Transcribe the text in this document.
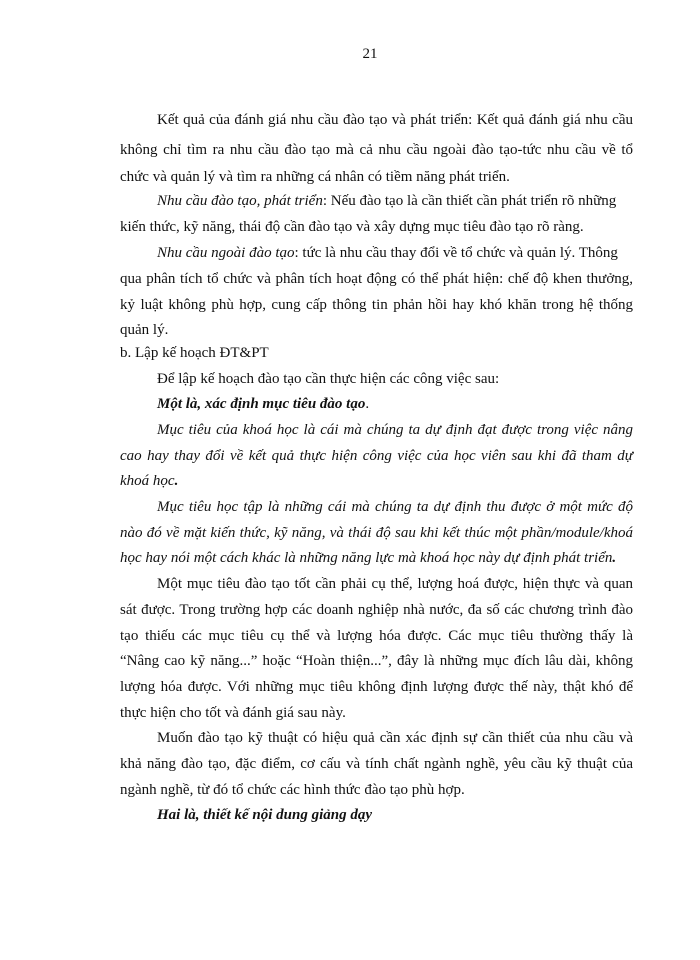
21
Kết quả của đánh giá nhu cầu đào tạo và phát triển: Kết quả đánh giá nhu cầu
không chỉ tìm ra nhu cầu đào tạo mà cả nhu cầu ngoài đào tạo-tức nhu cầu về tổ
chức và quản lý và tìm ra những cá nhân có tiềm năng phát triển.
Nhu cầu đào tạo, phát triển: Nếu đào tạo là cần thiết cần phát triển rõ những
kiến thức, kỹ năng, thái độ cần đào tạo và xây dựng mục tiêu đào tạo rõ ràng.
Nhu cầu ngoài đào tạo: tức là nhu cầu thay đổi về tổ chức và quản lý. Thông
qua phân tích tổ chức và phân tích hoạt động có thể phát hiện: chế độ khen thưởng,
kỷ luật không phù hợp, cung cấp thông tin phản hồi hay khó khăn trong hệ thống
quản lý.
b. Lập kế hoạch ĐT&PT
Để lập kế hoạch đào tạo cần thực hiện các công việc sau:
Một là, xác định mục tiêu đào tạo.
Mục tiêu của khoá học là cái mà chúng ta dự định đạt được trong việc nâng
cao hay thay đổi về kết quả thực hiện công việc của học viên sau khi đã tham dự
khoá học.
Mục tiêu học tập là những cái mà chúng ta dự định thu được ở một mức độ
nào đó về mặt kiến thức, kỹ năng, và thái độ sau khi kết thúc một phần/module/khoá
học hay nói một cách khác là những năng lực mà khoá học này dự định phát triển.
Một mục tiêu đào tạo tốt cần phải cụ thể, lượng hoá được, hiện thực và quan
sát được. Trong trường hợp các doanh nghiệp nhà nước, đa số các chương trình đào
tạo thiếu các mục tiêu cụ thể và lượng hóa được. Các mục tiêu thường thấy là
“Nâng cao kỹ năng...” hoặc “Hoàn thiện...”, đây là những mục đích lâu dài, không
lượng hóa được. Với những mục tiêu không định lượng được thế này, thật khó để
thực hiện cho tốt và đánh giá sau này.
Muốn đào tạo kỹ thuật có hiệu quả cần xác định sự cần thiết của nhu cầu và
khả năng đào tạo, đặc điểm, cơ cấu và tính chất ngành nghề, yêu cầu kỹ thuật của
ngành nghề, từ đó tổ chức các hình thức đào tạo phù hợp.
Hai là, thiết kế nội dung giảng dạy
